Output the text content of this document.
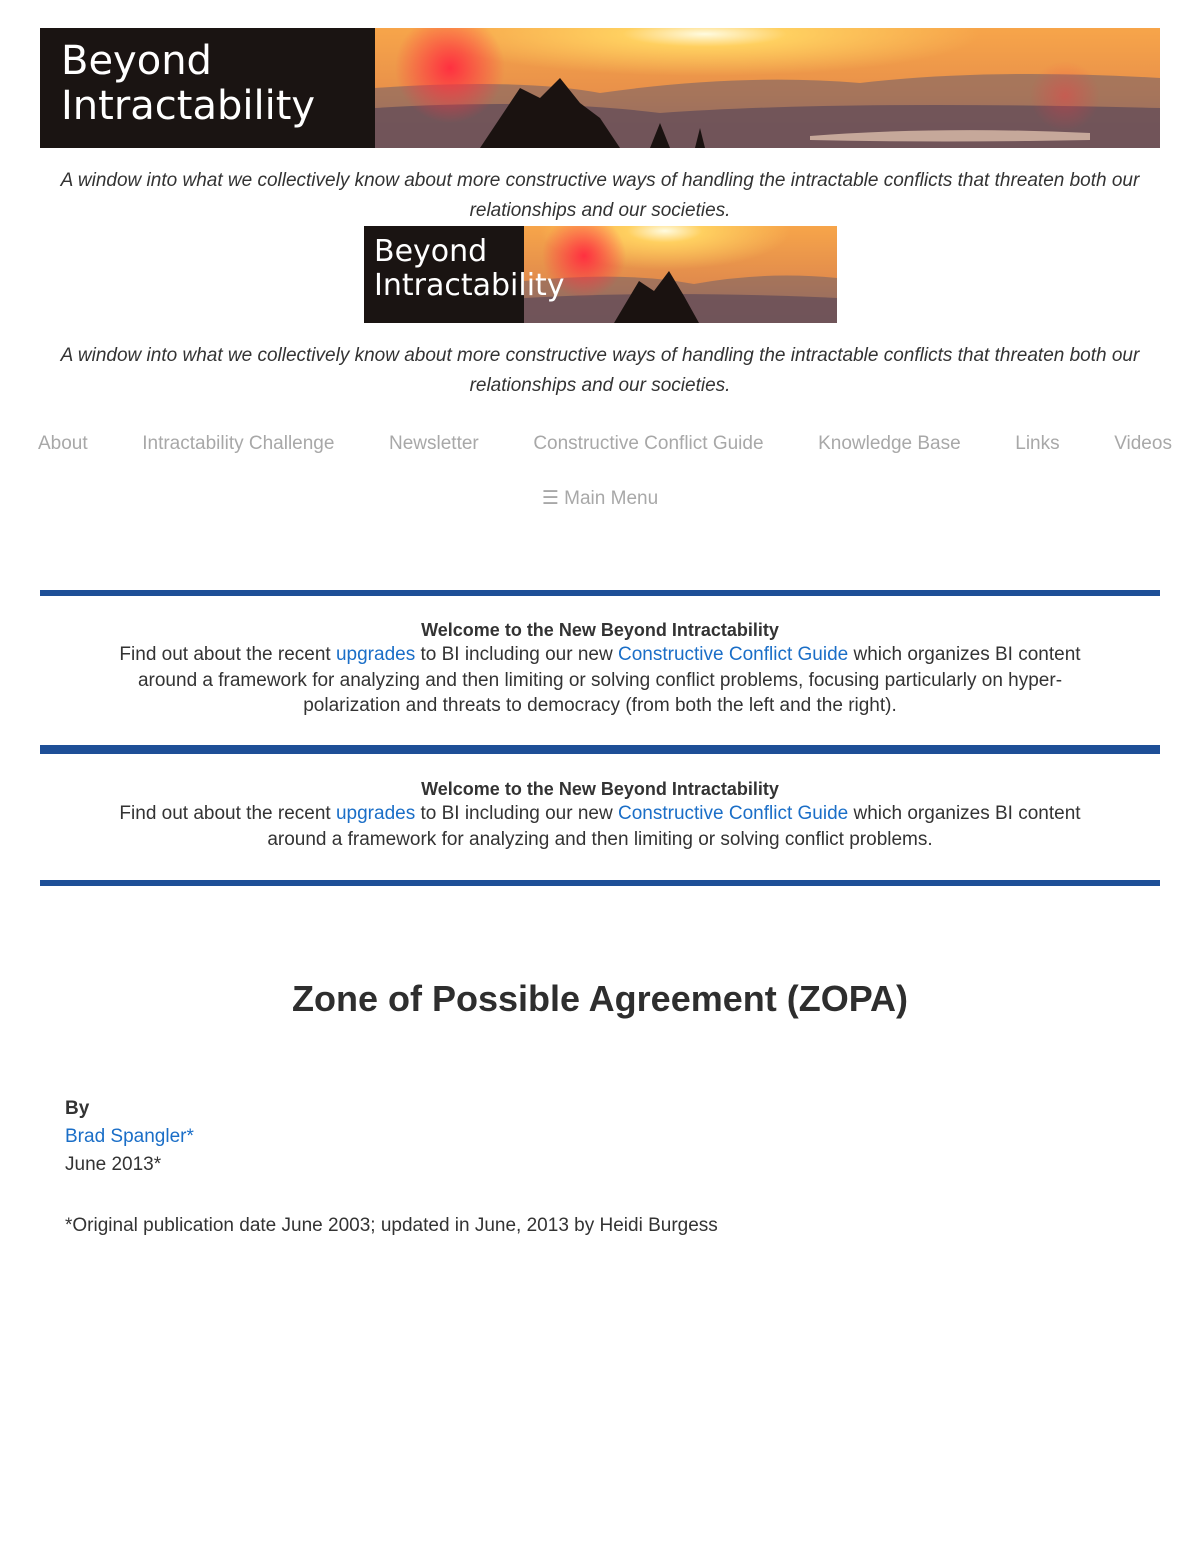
Beyond
Intractability

A window into what we collectively know about more constructive ways of handling the intractable conflicts that threaten both our relationships and our societies.

Beyond
Intractability

A window into what we collectively know about more constructive ways of handling the intractable conflicts that threaten both our relationships and our societies.

About	Intractability Challenge	Newsletter	Constructive Conflict Guide	Knowledge Base	Links	Videos
☰ Main Menu
Welcome to the New Beyond Intractability
Find out about the recent upgrades to BI including our new Constructive Conflict Guide which organizes BI content around a framework for analyzing and then limiting or solving conflict problems, focusing particularly on hyper-polarization and threats to democracy (from both the left and the right).
Welcome to the New Beyond Intractability
Find out about the recent upgrades to BI including our new Constructive Conflict Guide which organizes BI content around a framework for analyzing and then limiting or solving conflict problems.
Zone of Possible Agreement (ZOPA)
By
Brad Spangler*
June 2013*
*Original publication date June 2003; updated in June, 2013 by Heidi Burgess
